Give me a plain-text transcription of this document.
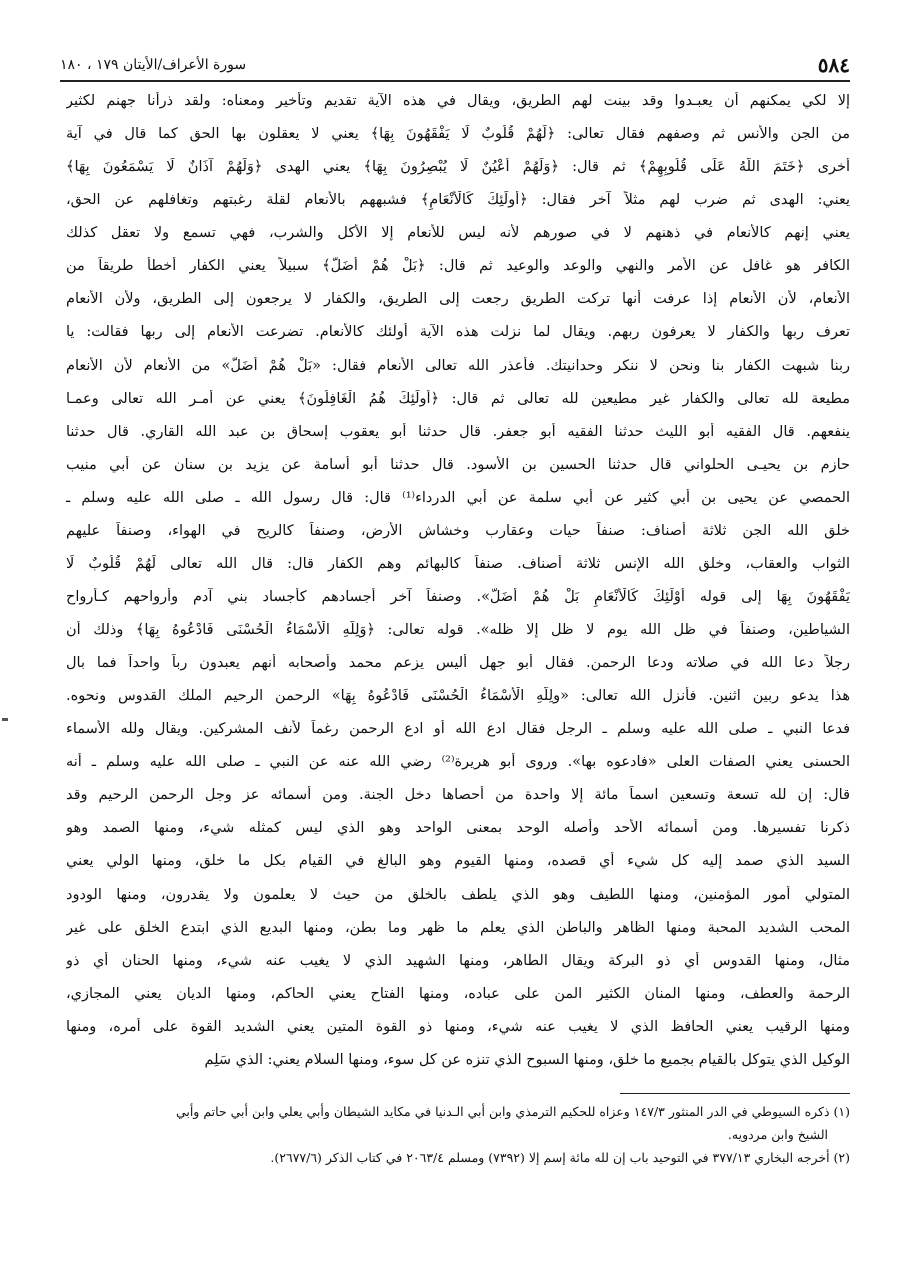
٥٨٤
سورة الأعراف/الأيتان ١٧٩ ، ١٨٠
إلا لكي يمكنهم أن يعبـدوا وقد بينت لهم الطريق، ويقال في هذه الآية تقديم وتأخير ومعناه: ولقد ذرأنا جهنم لكثير
من الجن والأنس ثم وصفهم فقال تعالى: ﴿لَهُمْ قُلُوبٌ لَا يَفْقَهُونَ بِهَا﴾ يعني لا يعقلون بها الحق كما قال في آية
أخرى ﴿خَتَمَ اللَّهُ عَلَى قُلُوبِهِمْ﴾ ثم قال: ﴿وَلَهُمْ أَعْيُنٌ لَا يُبْصِرُونَ بِهَا﴾ يعني الهدى ﴿وَلَهُمْ آذَانٌ لَا يَسْمَعُونَ بِهَا﴾
يعني: الهدى ثم ضرب لهم مثلاً آخر فقال: ﴿أُولَئِكَ كَالْأَنْعَامِ﴾ فشبههم بالأنعام لقلة رغبتهم وتغافلهم عن الحق،
يعني إنهم كالأنعام في ذهنهم لا في صورهم لأنه ليس للأنعام إلا الأكل والشرب، فهي تسمع ولا تعقل كذلك
الكافر هو غافل عن الأمر والنهي والوعد والوعيد ثم قال: ﴿بَلْ هُمْ أَضَلُّ﴾ سبيلاً يعني الكفار أخطأ طريقاً من
الأنعام، لأن الأنعام إذا عرفت أنها تركت الطريق رجعت إلى الطريق، والكفار لا يرجعون إلى الطريق، ولأن الأنعام
تعرف ربها والكفار لا يعرفون ربهم. ويقال لما نزلت هذه الآية أولئك كالأنعام. تضرعت الأنعام إلى ربها فقالت: يا
ربنا شبهت الكفار بنا ونحن لا ننكر وحدانيتك. فأعذر الله تعالى الأنعام فقال: «بَلْ هُمْ أَضَلُّ» من الأنعام لأن الأنعام
مطيعة لله تعالى والكفار غير مطيعين لله تعالى ثم قال: ﴿أُولَئِكَ هُمُ الْغَافِلُونَ﴾ يعني عن أمـر الله تعالى وعمـا
ينفعهم. قال الفقيه أبو الليث حدثنا الفقيه أبو جعفر. قال حدثنا أبو يعقوب إسحاق بن عبد الله القاري. قال حدثنا
حازم بن يحيـى الحلواني قال حدثنا الحسين بن الأسود. قال حدثنا أبو أسامة عن يزيد بن سنان عن أبي منيب
الحمصي عن يحيى بن أبي كثير عن أبي سلمة عن أبي الدرداء⁽¹⁾ قال: قال رسول الله ـ صلى الله عليه وسلم ـ
خلق الله الجن ثلاثة أصناف: صنفاً حيات وعقارب وخشاش الأرض، وصنفاً كالريح في الهواء، وصنفاً عليهم
الثواب والعقاب، وخلق الله الإنس ثلاثة أصناف. صنفاً كالبهائم وهم الكفار قال: قال الله تعالى لَهُمْ قُلُوبٌ لَا
يَفْقَهُونَ بِهَا إلى قوله أُوْلَئِكَ كَالْأَنْعَامِ بَلْ هُمْ أَضَلُّ». وصنفاً آخر أجسادهم كأجساد بني آدم وأرواحهم كـأرواح
الشياطين، وصنفاً في ظل الله يوم لا ظل إلا ظله». قوله تعالى: ﴿وَلِلَّهِ الْأَسْمَاءُ الْحُسْنَى فَادْعُوهُ بِهَا﴾ وذلك أن
رجلاً دعا الله في صلاته ودعا الرحمن. فقال أبو جهل أليس يزعم محمد وأصحابه أنهم يعبدون رباً واحداً فما بال
هذا يدعو ربين اثنين. فأنزل الله تعالى: «ولِلَّهِ الْأَسْمَاءُ الْحُسْنَى فَادْعُوهُ بِهَا» الرحمن الرحيم الملك القدوس ونحوه.
فدعا النبي ـ صلى الله عليه وسلم ـ الرجل فقال ادع الله أو ادع الرحمن رغماً لأنف المشركين. ويقال ولله الأسماء
الحسنى يعني الصفات العلى «فادعوه بها». وروى أبو هريرة⁽²⁾ رضي الله عنه عن النبي ـ صلى الله عليه وسلم ـ أنه
قال: إن لله تسعة وتسعين اسماً مائة إلا واحدة من أحصاها دخل الجنة. ومن أسمائه عز وجل الرحمن الرحيم وقد
ذكرنا تفسيرها. ومن أسمائه الأحد وأصله الوحد بمعنى الواحد وهو الذي ليس كمثله شيء، ومنها الصمد وهو
السيد الذي صمد إليه كل شيء أي قصده، ومنها القيوم وهو البالغ في القيام بكل ما خلق، ومنها الولي يعني
المتولي أمور المؤمنين، ومنها اللطيف وهو الذي يلطف بالخلق من حيث لا يعلمون ولا يقدرون، ومنها الودود
المحب الشديد المحبة ومنها الظاهر والباطن الذي يعلم ما ظهر وما بطن، ومنها البديع الذي ابتدع الخلق على غير
مثال، ومنها القدوس أي ذو البركة ويقال الطاهر، ومنها الشهيد الذي لا يغيب عنه شيء، ومنها الحنان أي ذو
الرحمة والعطف، ومنها المنان الكثير المن على عباده، ومنها الفتاح يعني الحاكم، ومنها الديان يعني المجازي،
ومنها الرقيب يعني الحافظ الذي لا يغيب عنه شيء، ومنها ذو القوة المتين يعني الشديد القوة على أمره، ومنها
الوكيل الذي يتوكل بالقيام بجميع ما خلق، ومنها السبوح الذي تنزه عن كل سوء، ومنها السلام يعني: الذي سَلِم
(١) ذكره السيوطي في الدر المنثور ١٤٧/٣ وعزاه للحكيم الترمذي وابن أبي الـدنيا في مكايد الشيطان وأبي يعلي وابن أبي حاتم وأبي
الشيخ وابن مردويه.
(٢) أخرجه البخاري ٣٧٧/١٣ في التوحيد باب إن لله مائة إسم إلا (٧٣٩٢) ومسلم ٢٠٦٣/٤ في كتاب الذكر (٢٦٧٧/٦).
